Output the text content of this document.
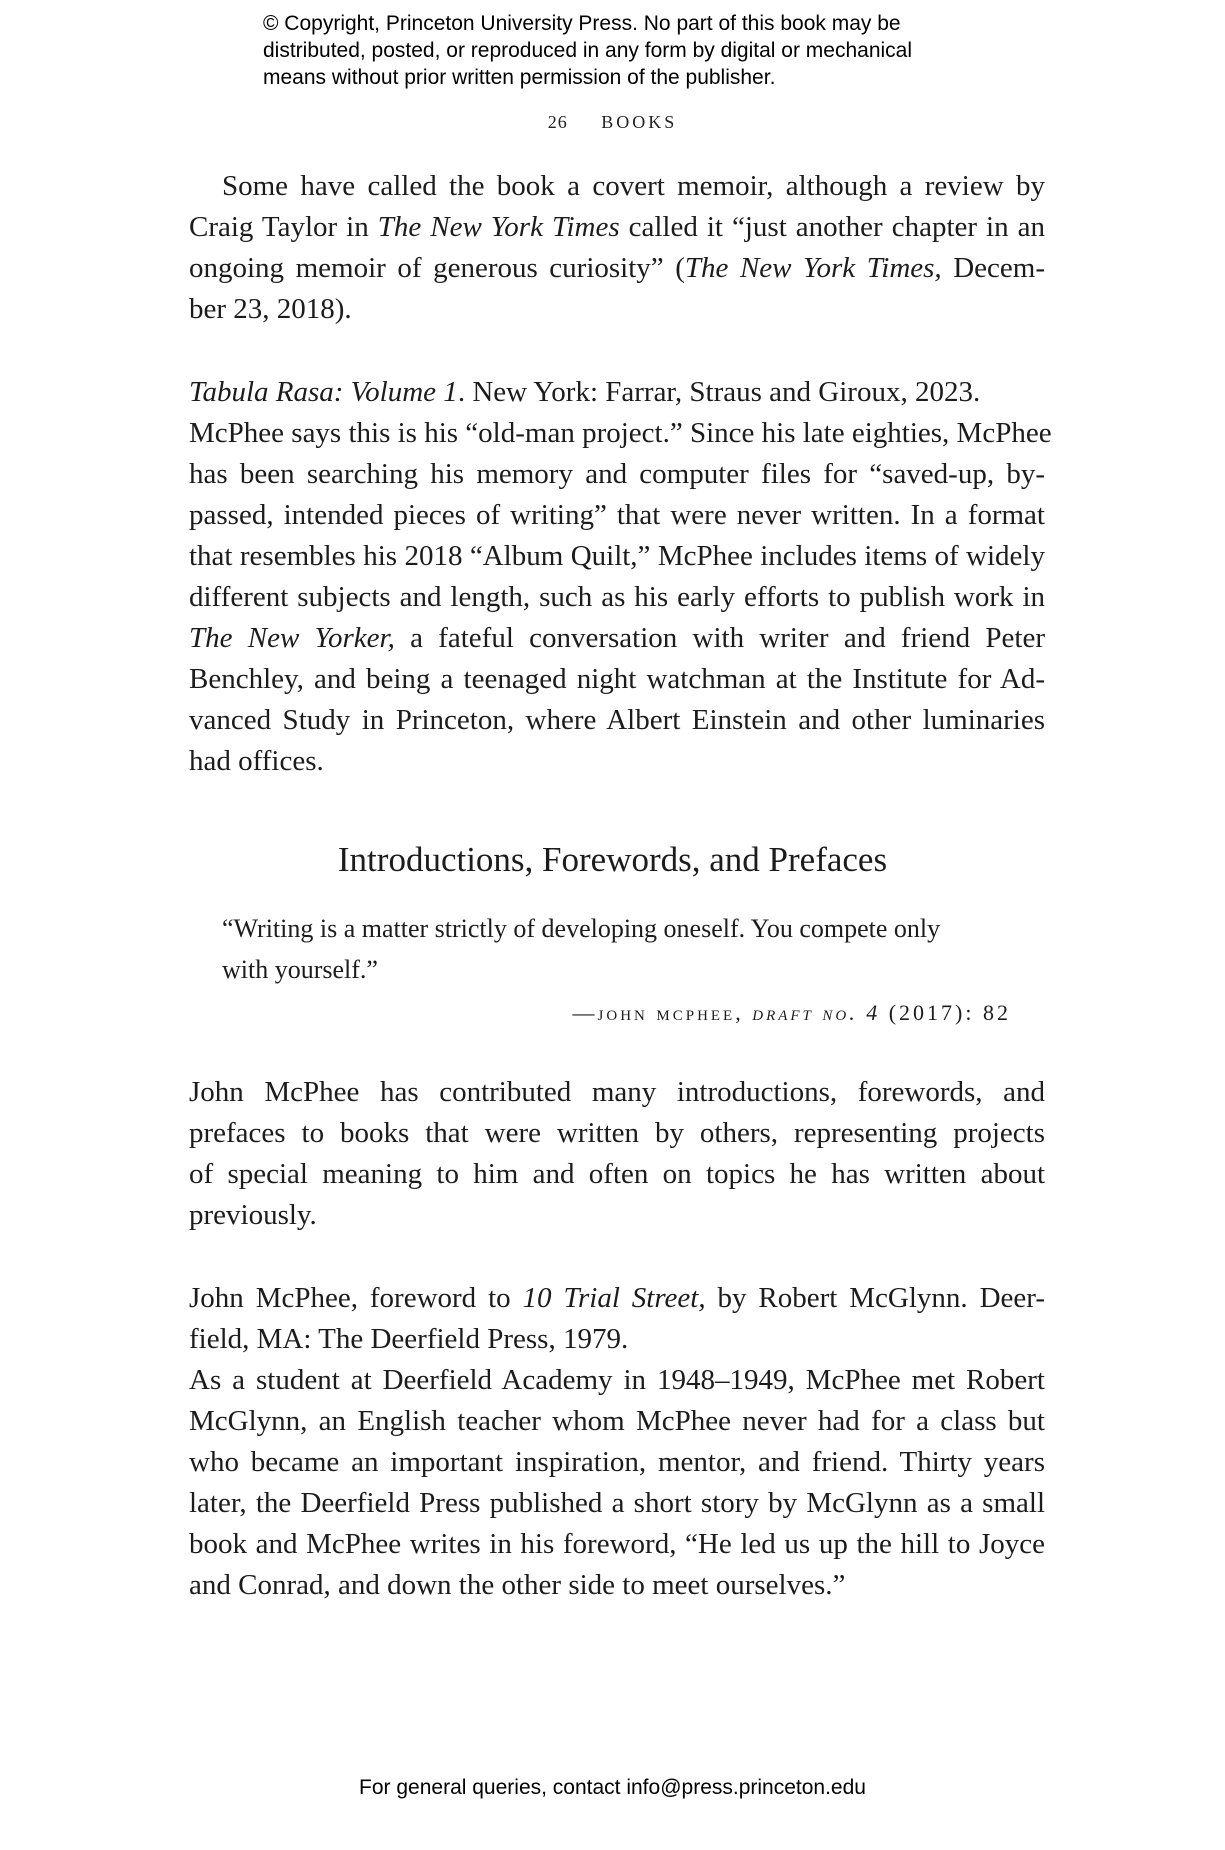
© Copyright, Princeton University Press. No part of this book may be
distributed, posted, or reproduced in any form by digital or mechanical
means without prior written permission of the publisher.
26 BOOKS
Some have called the book a covert memoir, although a review by
Craig Taylor in The New York Times called it “just another chapter in an
ongoing memoir of generous curiosity” (The New York Times, Decem-
ber 23, 2018).
Tabula Rasa: Volume 1. New York: Farrar, Straus and Giroux, 2023.
McPhee says this is his “old-man project.” Since his late eighties, McPhee
has been searching his memory and computer files for “saved-up, by-
passed, intended pieces of writing” that were never written. In a format
that resembles his 2018 “Album Quilt,” McPhee includes items of widely
different subjects and length, such as his early efforts to publish work in
The New Yorker, a fateful conversation with writer and friend Peter
Benchley, and being a teenaged night watchman at the Institute for Ad-
vanced Study in Princeton, where Albert Einstein and other luminaries
had offices.
Introductions, Forewords, and Prefaces
“Writing is a matter strictly of developing oneself. You compete only
with yourself.”
—john mcphee, draft no. 4 (2017): 82
John McPhee has contributed many introductions, forewords, and
prefaces to books that were written by others, representing projects
of special meaning to him and often on topics he has written about
previously.
John McPhee, foreword to 10 Trial Street, by Robert McGlynn. Deer-
field, MA: The Deerfield Press, 1979.
As a student at Deerfield Academy in 1948–1949, McPhee met Robert
McGlynn, an English teacher whom McPhee never had for a class but
who became an important inspiration, mentor, and friend. Thirty years
later, the Deerfield Press published a short story by McGlynn as a small
book and McPhee writes in his foreword, “He led us up the hill to Joyce
and Conrad, and down the other side to meet ourselves.”
For general queries, contact info@press.princeton.edu
